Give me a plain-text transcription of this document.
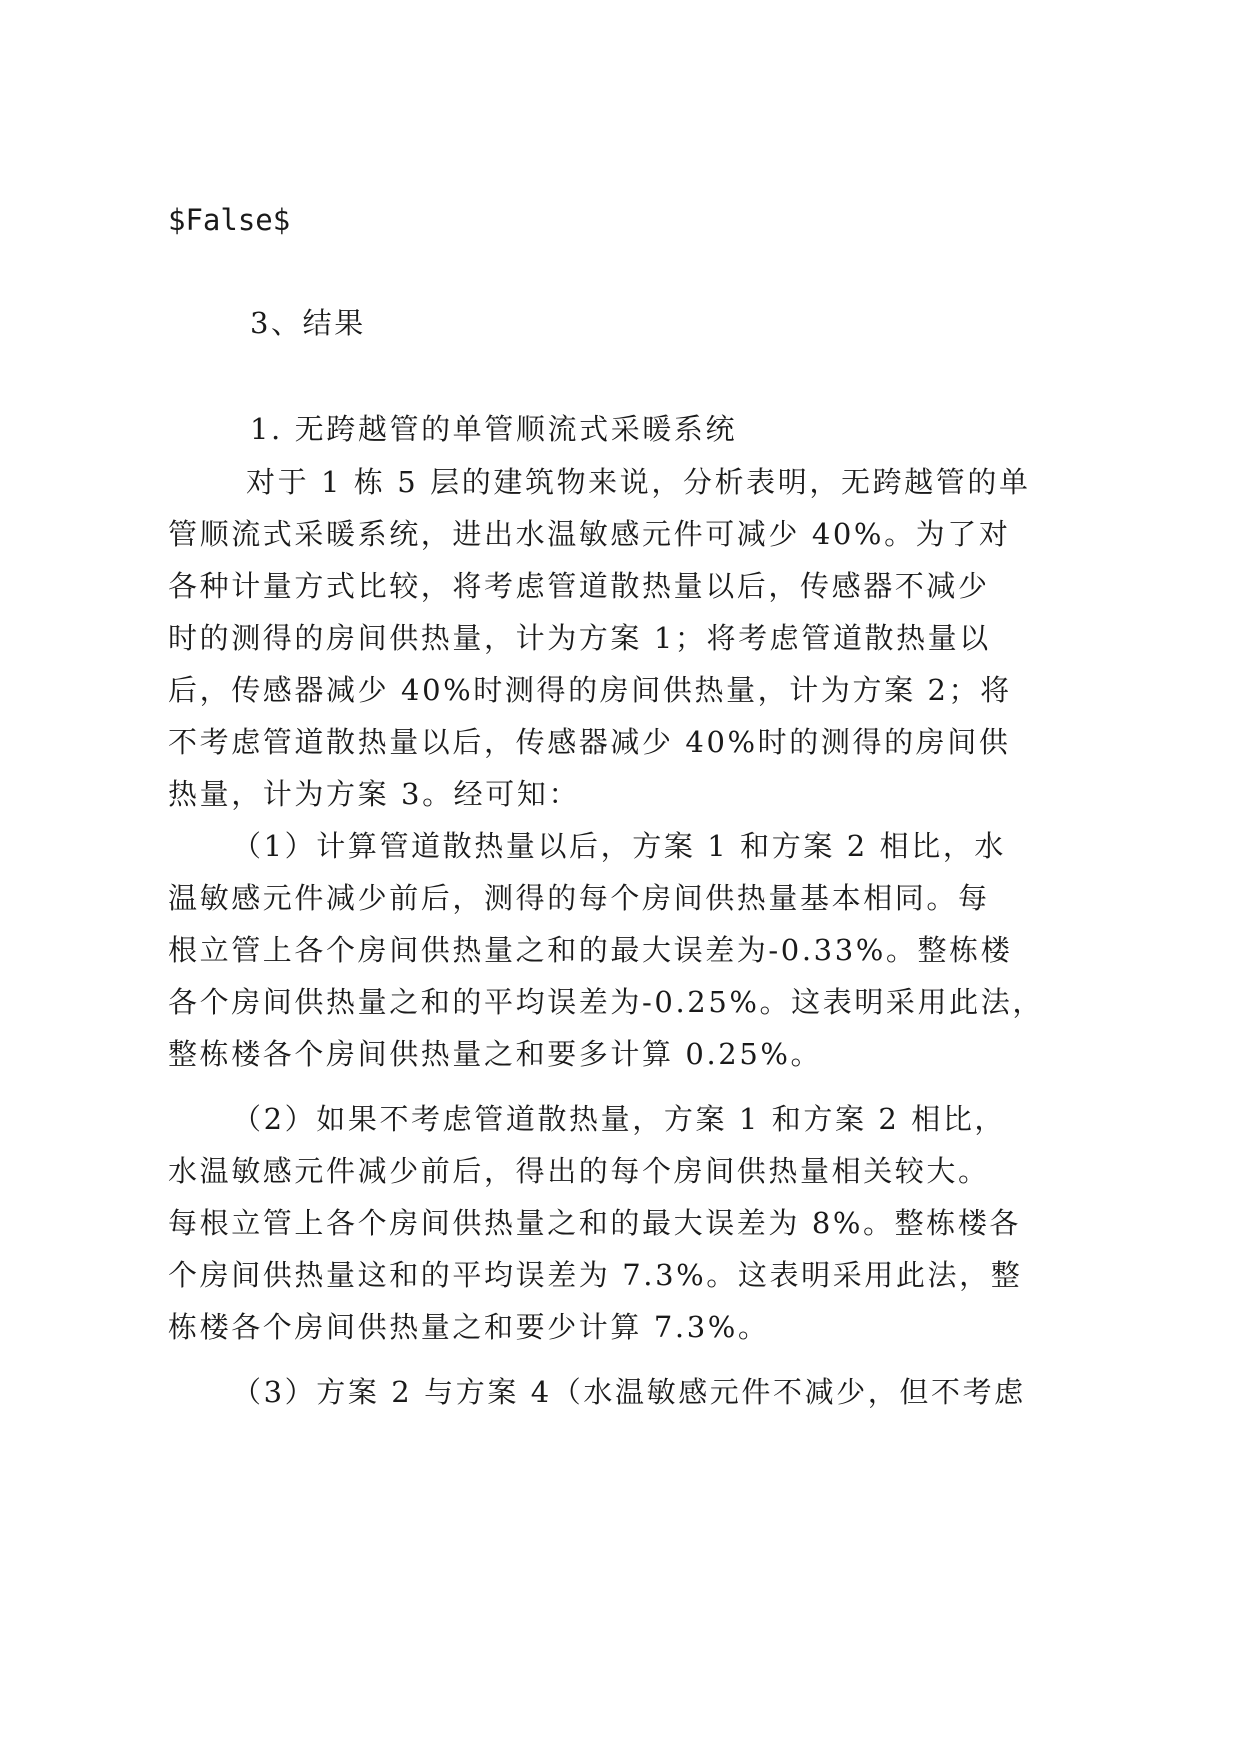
$False$
3、结果
1. 无跨越管的单管顺流式采暖系统
对于 1 栋 5 层的建筑物来说，分析表明，无跨越管的单
管顺流式采暖系统，进出水温敏感元件可减少 40%。为了对
各种计量方式比较，将考虑管道散热量以后，传感器不减少
时的测得的房间供热量，计为方案 1；将考虑管道散热量以
后，传感器减少 40%时测得的房间供热量，计为方案 2；将
不考虑管道散热量以后，传感器减少 40%时的测得的房间供
热量，计为方案 3。经可知：
（1）计算管道散热量以后，方案 1 和方案 2 相比，水
温敏感元件减少前后，测得的每个房间供热量基本相同。每
根立管上各个房间供热量之和的最大误差为-0.33%。整栋楼
各个房间供热量之和的平均误差为-0.25%。这表明采用此法，
整栋楼各个房间供热量之和要多计算 0.25%。
（2）如果不考虑管道散热量，方案 1 和方案 2 相比，
水温敏感元件减少前后，得出的每个房间供热量相关较大。
每根立管上各个房间供热量之和的最大误差为 8%。整栋楼各
个房间供热量这和的平均误差为 7.3%。这表明采用此法，整
栋楼各个房间供热量之和要少计算 7.3%。
（3）方案 2 与方案 4（水温敏感元件不减少，但不考虑
